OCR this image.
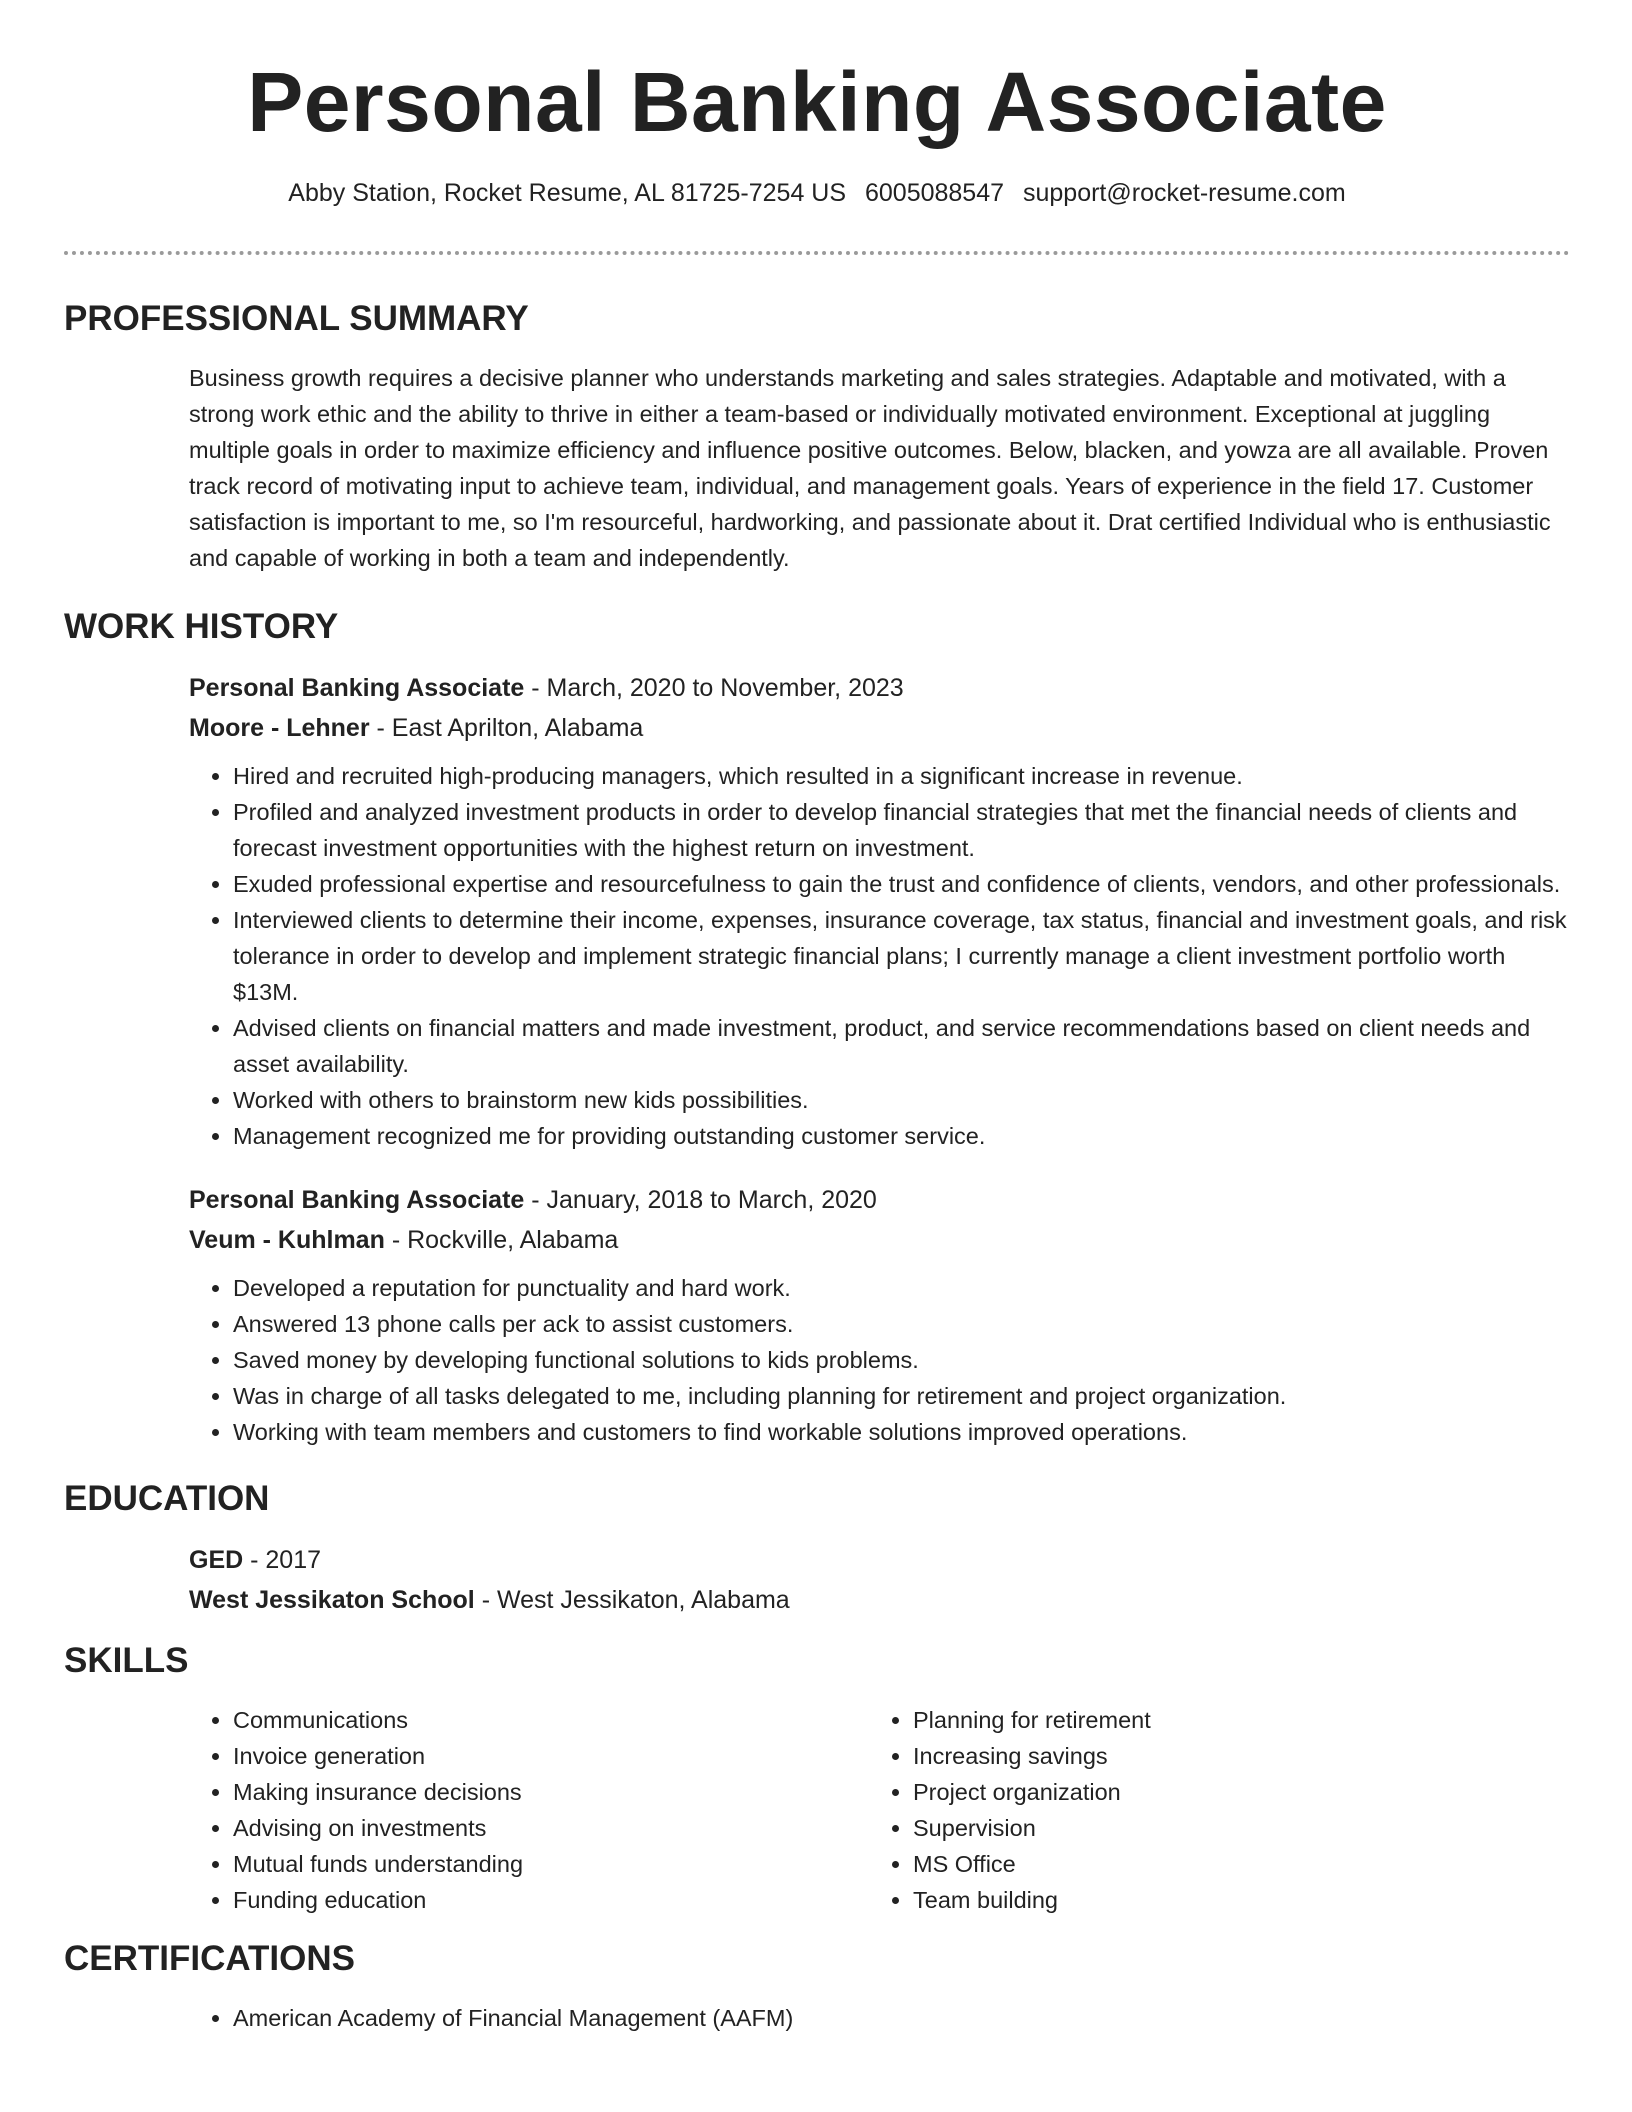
Personal Banking Associate
Abby Station, Rocket Resume, AL 81725-7254 US 6005088547 support@rocket-resume.com
PROFESSIONAL SUMMARY

Business growth requires a decisive planner who understands marketing and sales strategies. Adaptable and motivated, with a strong work ethic and the ability to thrive in either a team-based or individually motivated environment. Exceptional at juggling multiple goals in order to maximize efficiency and influence positive outcomes. Below, blacken, and yowza are all available. Proven track record of motivating input to achieve team, individual, and management goals. Years of experience in the field 17. Customer satisfaction is important to me, so I'm resourceful, hardworking, and passionate about it. Drat certified Individual who is enthusiastic and capable of working in both a team and independently.

WORK HISTORY
Personal Banking Associate - March, 2020 to November, 2023
Moore - Lehner - East Aprilton, Alabama
• Hired and recruited high-producing managers, which resulted in a significant increase in revenue.
• Profiled and analyzed investment products in order to develop financial strategies that met the financial needs of clients and forecast investment opportunities with the highest return on investment.
• Exuded professional expertise and resourcefulness to gain the trust and confidence of clients, vendors, and other professionals.
• Interviewed clients to determine their income, expenses, insurance coverage, tax status, financial and investment goals, and risk tolerance in order to develop and implement strategic financial plans; I currently manage a client investment portfolio worth $13M.
• Advised clients on financial matters and made investment, product, and service recommendations based on client needs and asset availability.
• Worked with others to brainstorm new kids possibilities.
• Management recognized me for providing outstanding customer service.
Personal Banking Associate - January, 2018 to March, 2020
Veum - Kuhlman - Rockville, Alabama
• Developed a reputation for punctuality and hard work.
• Answered 13 phone calls per ack to assist customers.
• Saved money by developing functional solutions to kids problems.
• Was in charge of all tasks delegated to me, including planning for retirement and project organization.
• Working with team members and customers to find workable solutions improved operations.
EDUCATION
GED - 2017
West Jessikaton School - West Jessikaton, Alabama
SKILLS
• Communications
• Invoice generation
• Making insurance decisions
• Advising on investments
• Mutual funds understanding
• Funding education
• Planning for retirement
• Increasing savings
• Project organization
• Supervision
• MS Office
• Team building
CERTIFICATIONS
• American Academy of Financial Management (AAFM)
